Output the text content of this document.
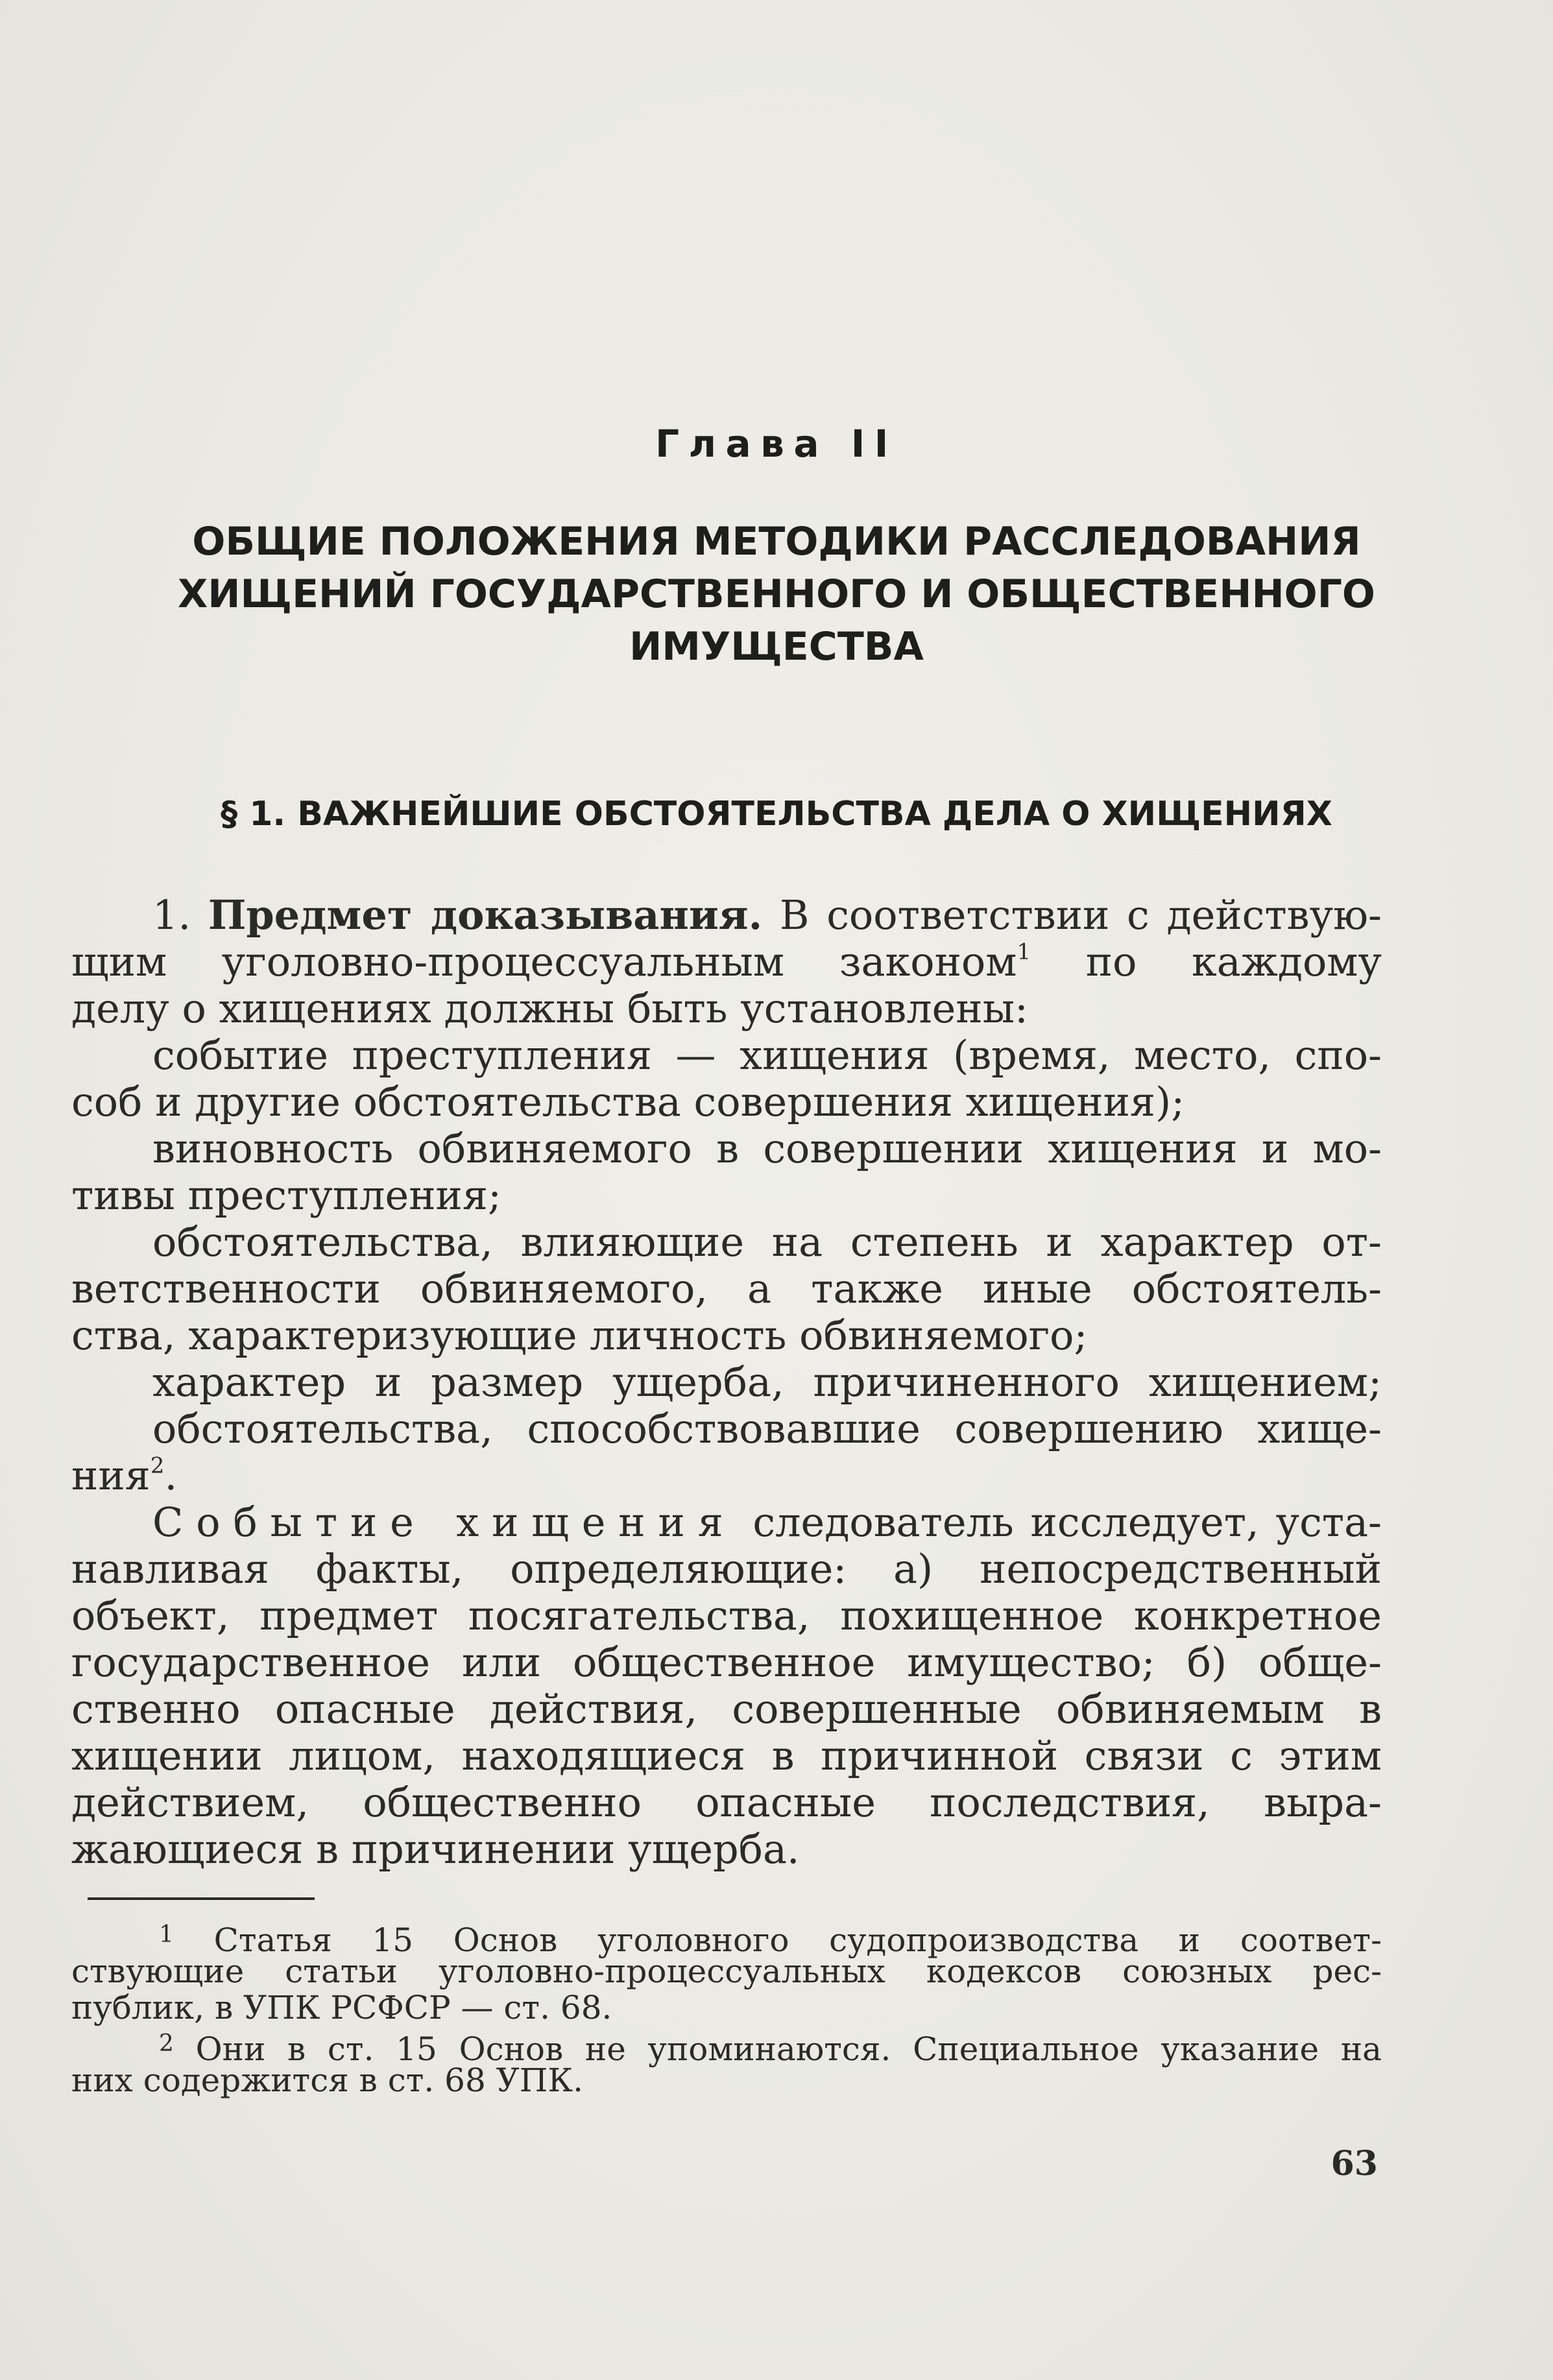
Глава II
ОБЩИЕ ПОЛОЖЕНИЯ МЕТОДИКИ РАССЛЕДОВАНИЯ
ХИЩЕНИЙ ГОСУДАРСТВЕННОГО И ОБЩЕСТВЕННОГО
ИМУЩЕСТВА
§ 1. ВАЖНЕЙШИЕ ОБСТОЯТЕЛЬСТВА ДЕЛА О ХИЩЕНИЯХ
1. Предмет доказывания. В соответствии с действую-
щим уголовно-процессуальным законом$^1$ по каждому
делу о хищениях должны быть установлены:
событие преступления — хищения (время, место, спо-
соб и другие обстоятельства совершения хищения);
виновность обвиняемого в совершении хищения и мо-
тивы преступления;
обстоятельства, влияющие на степень и характер от-
ветственности обвиняемого, а также иные обстоятель-
ства, характеризующие личность обвиняемого;
характер и размер ущерба, причиненного хищением;
обстоятельства, способствовавшие совершению хище-
ния$^2$.
Событие хищения следователь исследует, уста-
навливая факты, определяющие: а) непосредственный
объект, предмет посягательства, похищенное конкретное
государственное или общественное имущество; б) обще-
ственно опасные действия, совершенные обвиняемым в
хищении лицом, находящиеся в причинной связи с этим
действием, общественно опасные последствия, выра-
жающиеся в причинении ущерба.
$^1$ Статья 15 Основ уголовного судопроизводства и соответ-
ствующие статьи уголовно-процессуальных кодексов союзных рес-
публик, в УПК РСФСР — ст. 68.
$^2$ Они в ст. 15 Основ не упоминаются. Специальное указание на
них содержится в ст. 68 УПК.
63
